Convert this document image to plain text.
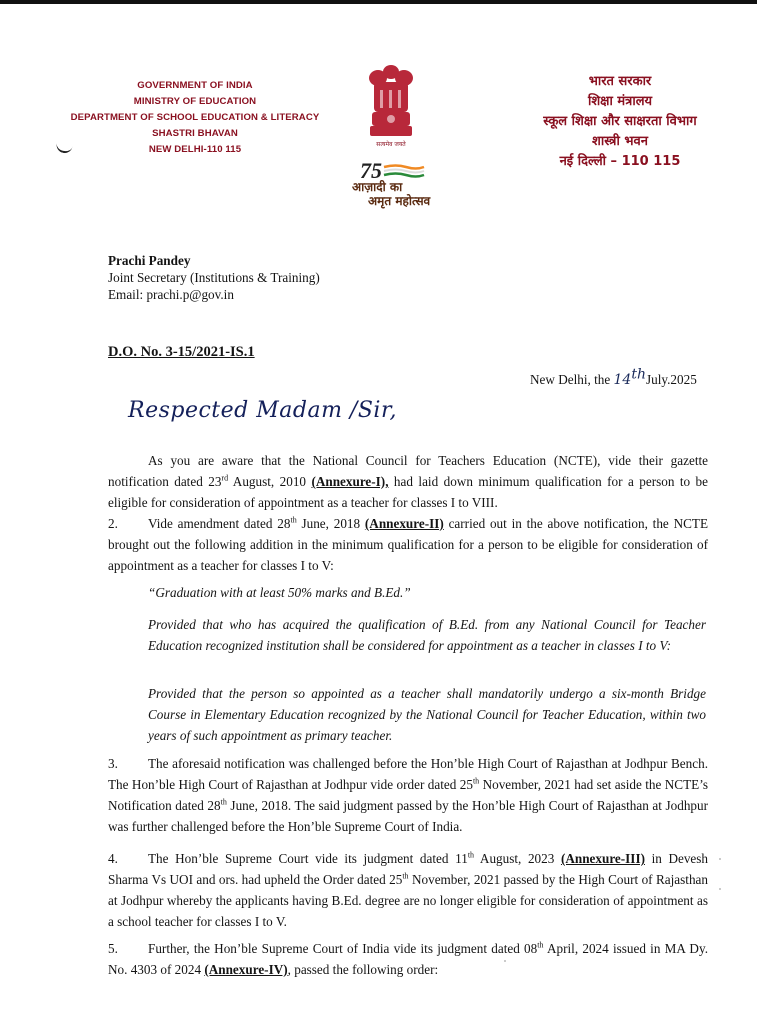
GOVERNMENT OF INDIA
MINISTRY OF EDUCATION
DEPARTMENT OF SCHOOL EDUCATION & LITERACY
SHASTRI BHAVAN
NEW DELHI-110 115	सत्यमेव जयते
75
आज़ादी का
अमृत महोत्सव
भारत सरकार
शिक्षा मंत्रालय
स्कूल शिक्षा और साक्षरता विभाग
शास्त्री भवन
नई दिल्ली – 110 115
Prachi Pandey
Joint Secretary (Institutions & Training)
Email: prachi.p@gov.in
D.O. No. 3-15/2021-IS.1
New Delhi, the 14thJuly.2025
Respected Madam /Sir,
As you are aware that the National Council for Teachers Education (NCTE), vide their gazette notification dated 23rd August, 2010 (Annexure-I), had laid down minimum qualification for a person to be eligible for consideration of appointment as a teacher for classes I to VIII.
2. Vide amendment dated 28th June, 2018 (Annexure-II) carried out in the above notification, the NCTE brought out the following addition in the minimum qualification for a person to be eligible for consideration of appointment as a teacher for classes I to V:
“Graduation with at least 50% marks and B.Ed.”
Provided that who has acquired the qualification of B.Ed. from any National Council for Teacher Education recognized institution shall be considered for appointment as a teacher in classes I to V:
Provided that the person so appointed as a teacher shall mandatorily undergo a six-month Bridge Course in Elementary Education recognized by the National Council for Teacher Education, within two years of such appointment as primary teacher.
3. The aforesaid notification was challenged before the Hon’ble High Court of Rajasthan at Jodhpur Bench. The Hon’ble High Court of Rajasthan at Jodhpur vide order dated 25th November, 2021 had set aside the NCTE’s Notification dated 28th June, 2018. The said judgment passed by the Hon’ble High Court of Rajasthan at Jodhpur was further challenged before the Hon’ble Supreme Court of India.
4. The Hon’ble Supreme Court vide its judgment dated 11th August, 2023 (Annexure-III) in Devesh Sharma Vs UOI and ors. had upheld the Order dated 25th November, 2021 passed by the High Court of Rajasthan at Jodhpur whereby the applicants having B.Ed. degree are no longer eligible for consideration of appointment as a school teacher for classes I to V.
5. Further, the Hon’ble Supreme Court of India vide its judgment dated 08th April, 2024 issued in MA Dy. No. 4303 of 2024 (Annexure-IV), passed the following order:
